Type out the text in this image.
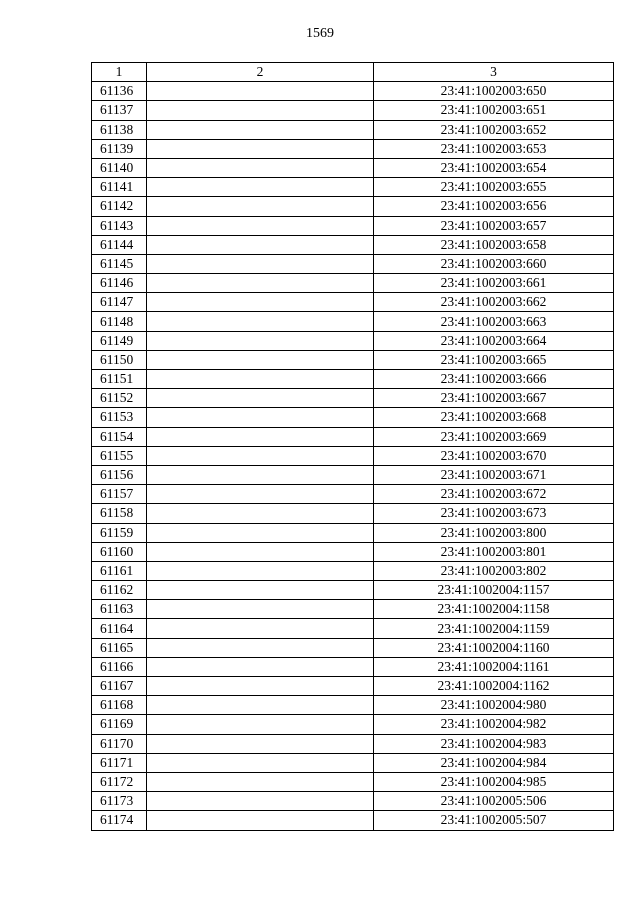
1569
1	2	3
61136		23:41:1002003:650
61137		23:41:1002003:651
61138		23:41:1002003:652
61139		23:41:1002003:653
61140		23:41:1002003:654
61141		23:41:1002003:655
61142		23:41:1002003:656
61143		23:41:1002003:657
61144		23:41:1002003:658
61145		23:41:1002003:660
61146		23:41:1002003:661
61147		23:41:1002003:662
61148		23:41:1002003:663
61149		23:41:1002003:664
61150		23:41:1002003:665
61151		23:41:1002003:666
61152		23:41:1002003:667
61153		23:41:1002003:668
61154		23:41:1002003:669
61155		23:41:1002003:670
61156		23:41:1002003:671
61157		23:41:1002003:672
61158		23:41:1002003:673
61159		23:41:1002003:800
61160		23:41:1002003:801
61161		23:41:1002003:802
61162		23:41:1002004:1157
61163		23:41:1002004:1158
61164		23:41:1002004:1159
61165		23:41:1002004:1160
61166		23:41:1002004:1161
61167		23:41:1002004:1162
61168		23:41:1002004:980
61169		23:41:1002004:982
61170		23:41:1002004:983
61171		23:41:1002004:984
61172		23:41:1002004:985
61173		23:41:1002005:506
61174		23:41:1002005:507
